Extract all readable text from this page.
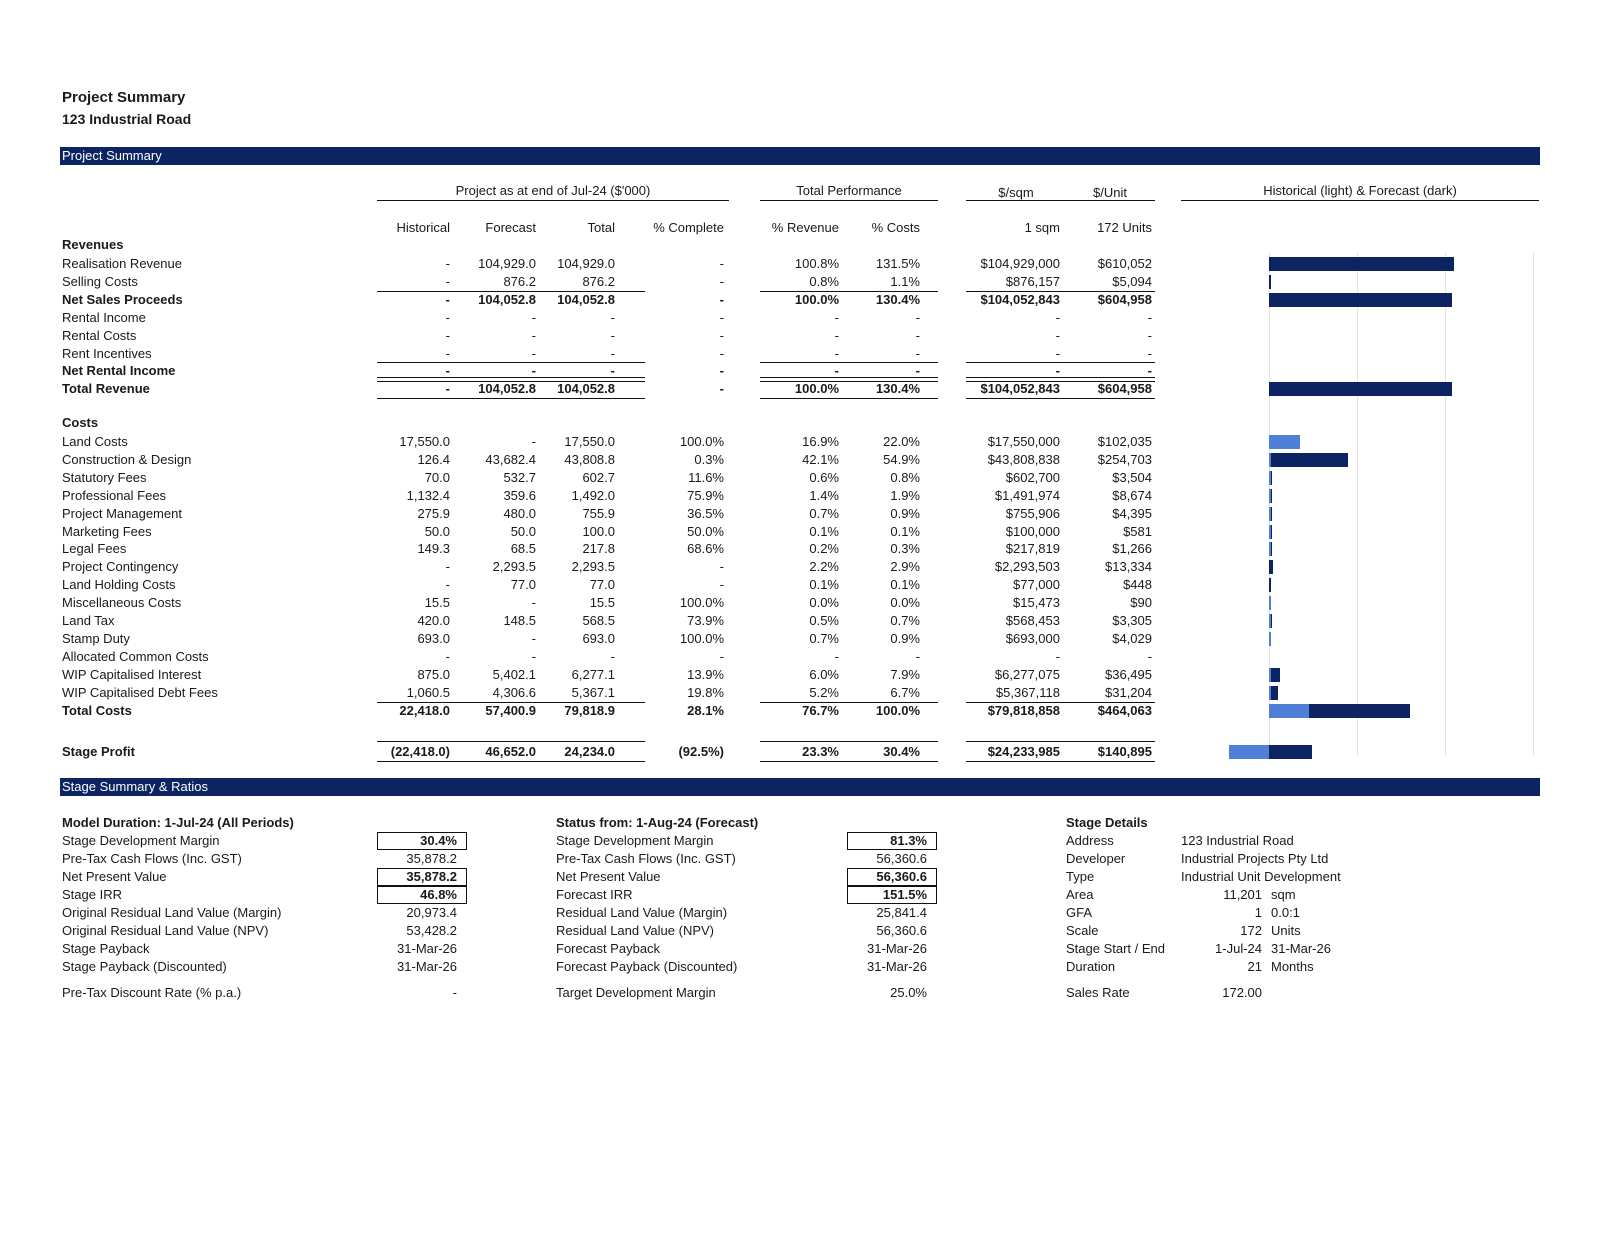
Project Summary
123 Industrial Road
Project Summary
Project as at end of Jul-24 ($'000)	Total Performance	$/sqm	$/Unit	Historical (light) & Forecast (dark)
Historical	Forecast	Total	% Complete	% Revenue	% Costs	1 sqm	172 Units
Revenues
Costs
Realisation Revenue	-	104,929.0	104,929.0	-	100.8%	131.5%	$104,929,000	$610,052
Selling Costs	-	876.2	876.2	-	0.8%	1.1%	$876,157	$5,094
Net Sales Proceeds	-	104,052.8	104,052.8	-	100.0%	130.4%	$104,052,843	$604,958
Rental Income	-	-	-	-	-	-	-	-
Rental Costs	-	-	-	-	-	-	-	-
Rent Incentives	-	-	-	-	-	-	-	-
Net Rental Income	-	-	-	-	-	-	-	-
Total Revenue	-	104,052.8	104,052.8	-	100.0%	130.4%	$104,052,843	$604,958
Land Costs	17,550.0	-	17,550.0	100.0%	16.9%	22.0%	$17,550,000	$102,035
Construction & Design	126.4	43,682.4	43,808.8	0.3%	42.1%	54.9%	$43,808,838	$254,703
Statutory Fees	70.0	532.7	602.7	11.6%	0.6%	0.8%	$602,700	$3,504
Professional Fees	1,132.4	359.6	1,492.0	75.9%	1.4%	1.9%	$1,491,974	$8,674
Project Management	275.9	480.0	755.9	36.5%	0.7%	0.9%	$755,906	$4,395
Marketing Fees	50.0	50.0	100.0	50.0%	0.1%	0.1%	$100,000	$581
Legal Fees	149.3	68.5	217.8	68.6%	0.2%	0.3%	$217,819	$1,266
Project Contingency	-	2,293.5	2,293.5	-	2.2%	2.9%	$2,293,503	$13,334
Land Holding Costs	-	77.0	77.0	-	0.1%	0.1%	$77,000	$448
Miscellaneous Costs	15.5	-	15.5	100.0%	0.0%	0.0%	$15,473	$90
Land Tax	420.0	148.5	568.5	73.9%	0.5%	0.7%	$568,453	$3,305
Stamp Duty	693.0	-	693.0	100.0%	0.7%	0.9%	$693,000	$4,029
Allocated Common Costs	-	-	-	-	-	-	-	-
WIP Capitalised Interest	875.0	5,402.1	6,277.1	13.9%	6.0%	7.9%	$6,277,075	$36,495
WIP Capitalised Debt Fees	1,060.5	4,306.6	5,367.1	19.8%	5.2%	6.7%	$5,367,118	$31,204
Total Costs	22,418.0	57,400.9	79,818.9	28.1%	76.7%	100.0%	$79,818,858	$464,063
Stage Profit	(22,418.0)	46,652.0	24,234.0	(92.5%)	23.3%	30.4%	$24,233,985	$140,895
Stage Summary & Ratios
Model Duration: 1-Jul-24 (All Periods)
Stage Development Margin	30.4%
Pre-Tax Cash Flows (Inc. GST)	35,878.2
Net Present Value	35,878.2
Stage IRR	46.8%
Original Residual Land Value (Margin)	20,973.4
Original Residual Land Value (NPV)	53,428.2
Stage Payback	31-Mar-26
Stage Payback (Discounted)	31-Mar-26
Pre-Tax Discount Rate (% p.a.)	-
Status from: 1-Aug-24 (Forecast)
Stage Development Margin	81.3%
Pre-Tax Cash Flows (Inc. GST)	56,360.6
Net Present Value	56,360.6
Forecast IRR	151.5%
Residual Land Value (Margin)	25,841.4
Residual Land Value (NPV)	56,360.6
Forecast Payback	31-Mar-26
Forecast Payback (Discounted)	31-Mar-26
Target Development Margin	25.0%
Stage Details
Address	123 Industrial Road
Developer	Industrial Projects Pty Ltd
Type	Industrial Unit Development
Area	11,201 sqm
GFA	1 0.0:1
Scale	172 Units
Stage Start / End	1-Jul-24 31-Mar-26
Duration	21 Months
Sales Rate	172.00
